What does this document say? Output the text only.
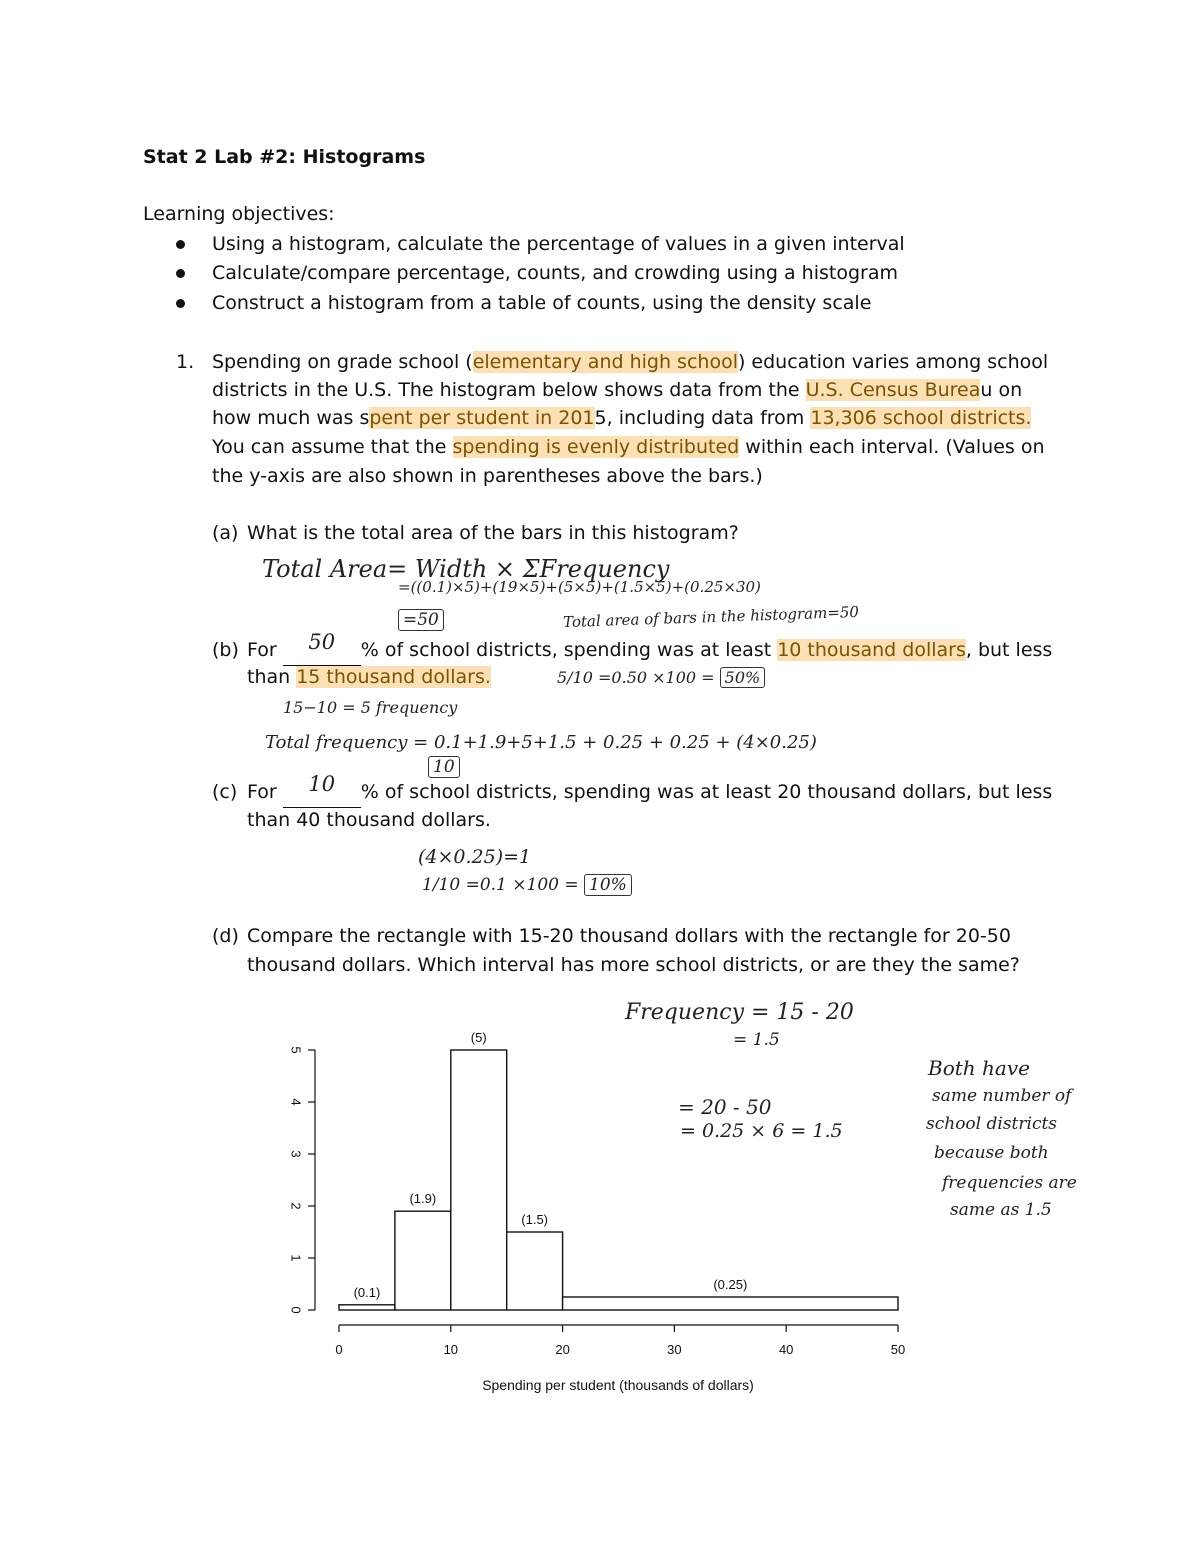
Stat 2 Lab #2: Histograms
Learning objectives:
Using a histogram, calculate the percentage of values in a given interval
Calculate/compare percentage, counts, and crowding using a histogram
Construct a histogram from a table of counts, using the density scale
1. Spending on grade school (elementary and high school) education varies among school
districts in the U.S. The histogram below shows data from the U.S. Census Bureau on
how much was spent per student in 2015, including data from 13,306 school districts.
You can assume that the spending is evenly distributed within each interval. (Values on
the y-axis are also shown in parentheses above the bars.)
(a) What is the total area of the bars in this histogram?
Total Area= Width × ΣFrequency
=((0.1)×5)+(19×5)+(5×5)+(1.5×5)+(0.25×30)
=50	Total area of bars in the histogram=50
(b) For	50	% of school districts, spending was at least 10 thousand dollars, but less
than 15 thousand dollars.	5/10 =0.50 ×100 = 50%
15−10 = 5 frequency
Total frequency = 0.1+1.9+5+1.5 + 0.25 + 0.25 + (4×0.25)
10
(c) For	10	% of school districts, spending was at least 20 thousand dollars, but less
than 40 thousand dollars.
(4×0.25)=1
1/10 =0.1 ×100 = 10%
(d) Compare the rectangle with 15-20 thousand dollars with the rectangle for 20-50
thousand dollars. Which interval has more school districts, or are they the same?
Frequency = 15 - 20
= 1.5
= 20 - 50
= 0.25 × 6 = 1.5
Both have
same number of
school districts
because both
frequencies are
same as 1.5
(0.1)
(1.9)
(5)
(1.5)
(0.25)
0
1
2
3
4
5
0	10	20	30	40	50
Spending per student (thousands of dollars)
